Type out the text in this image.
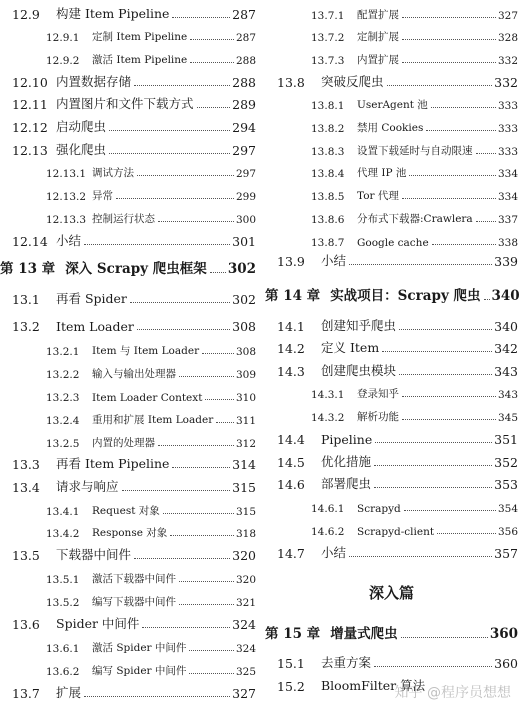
12.9	构建 Item Pipeline	287
12.9.1	定制 Item Pipeline	287
12.9.2	激活 Item Pipeline	288
12.10 内置数据存储	288
12.11 内置图片和文件下载方式	289
12.12 启动爬虫	294
12.13 强化爬虫	297
12.13.1 调试方法	297
12.13.2 异常	299
12.13.3 控制运行状态	300
12.14 小结	301
第 13 章 深入 Scrapy 爬虫框架 302
13.1	再看 Spider	302
13.2	Item Loader	308
13.2.1	Item 与 Item Loader	308
13.2.2	输入与输出处理器	309
13.2.3	Item Loader Context	310
13.2.4	重用和扩展 Item Loader 311
13.2.5	内置的处理器	312
13.3	再看 Item Pipeline	314
13.4	请求与响应	315
13.4.1	Request 对象	315
13.4.2	Response 对象	318
13.5	下载器中间件	320
13.5.1	激活下载器中间件	320
13.5.2	编写下载器中间件	321
13.6	Spider 中间件	324
13.6.1	激活 Spider 中间件	324
13.6.2	编写 Spider 中间件	325
13.7	扩展	327
13.7.1	配置扩展	327
13.7.2	定制扩展	328
13.7.3	内置扩展	332
13.8	突破反爬虫	332
13.8.1	UserAgent 池	333
13.8.2	禁用 Cookies	333
13.8.3	设置下载延时与自动限速 333
13.8.4	代理 IP 池	334
13.8.5	Tor 代理	334
13.8.6	分布式下载器:Crawlera 337
13.8.7	Google cache	338
13.9	小结	339
第 14 章 实战项目：Scrapy 爬虫 340
14.1	创建知乎爬虫	340
14.2	定义 Item	342
14.3	创建爬虫模块	343
14.3.1	登录知乎	343
14.3.2	解析功能	345
14.4	Pipeline	351
14.5	优化措施	352
14.6	部署爬虫	353
14.6.1	Scrapyd	354
14.6.2	Scrapyd-client	356
14.7	小结	357
深入篇
第 15 章 增量式爬虫	360
15.1	去重方案	360
15.2	BloomFilter 算法
知乎 @程序员想想
